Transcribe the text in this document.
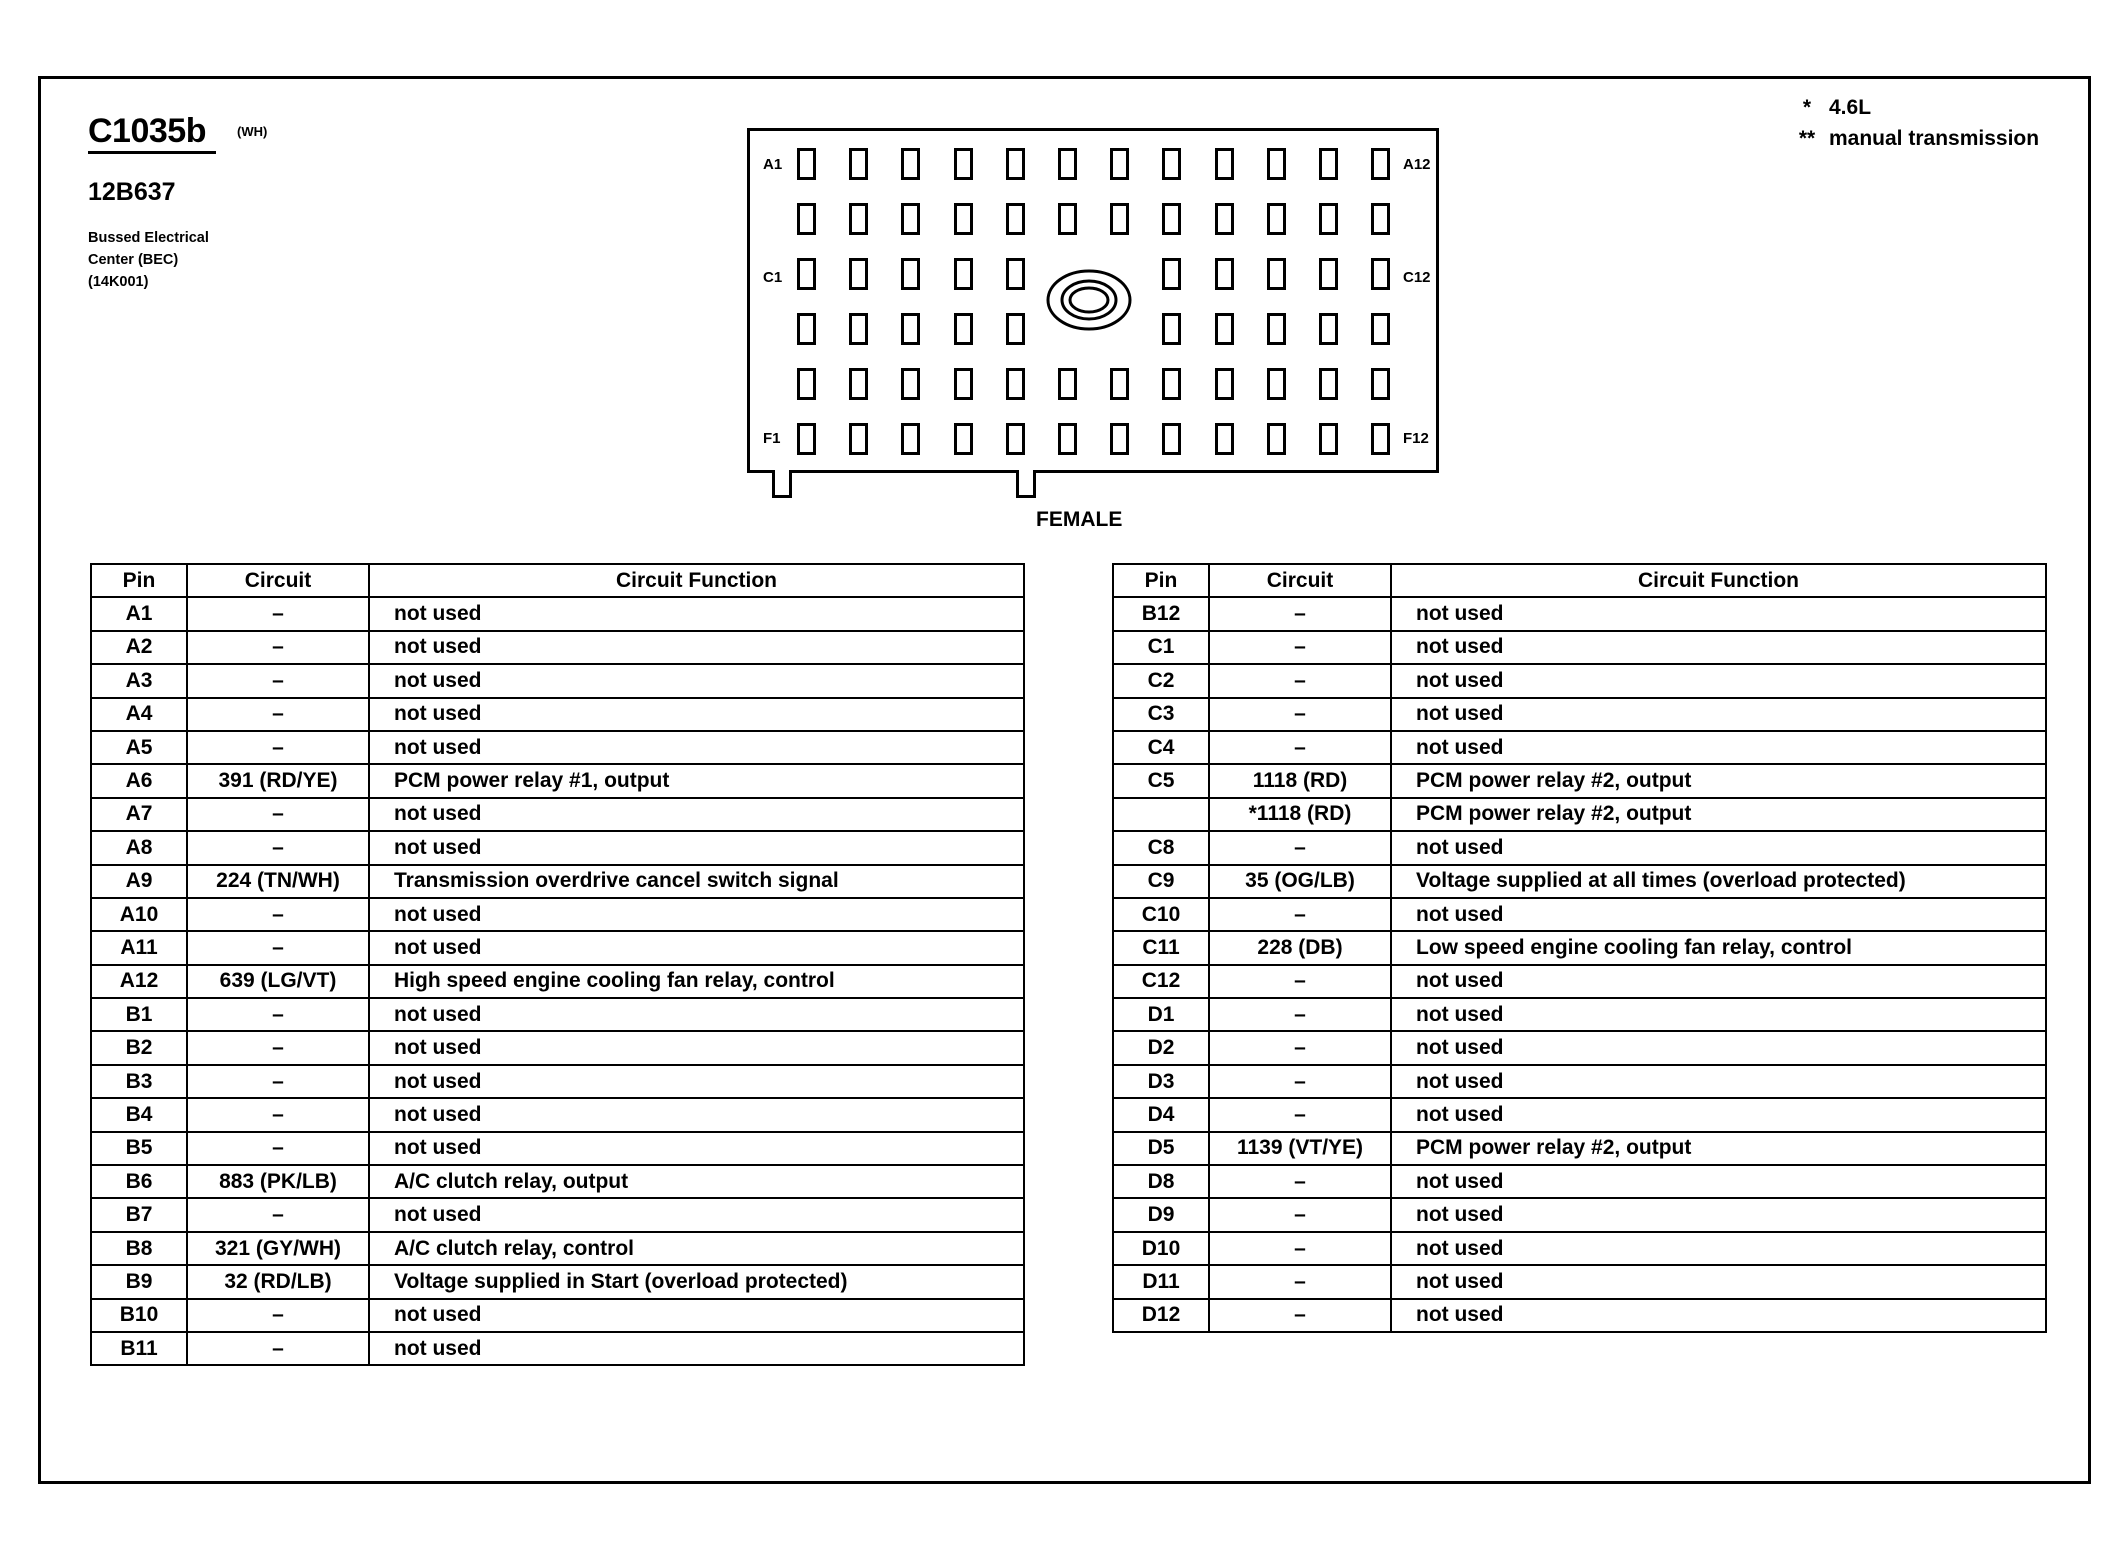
C1035b (WH)
12B637
Bussed Electrical
Center (BEC)
(14K001)
* 4.6L
** manual transmission
A1	A12
C1	C12
F1	F12
FEMALE
Pin	Circuit	Circuit Function
A1	–	not used
A2	–	not used
A3	–	not used
A4	–	not used
A5	–	not used
A6	391 (RD/YE)	PCM power relay #1, output
A7	–	not used
A8	–	not used
A9	224 (TN/WH)	Transmission overdrive cancel switch signal
A10	–	not used
A11	–	not used
A12	639 (LG/VT)	High speed engine cooling fan relay, control
B1	–	not used
B2	–	not used
B3	–	not used
B4	–	not used
B5	–	not used
B6	883 (PK/LB)	A/C clutch relay, output
B7	–	not used
B8	321 (GY/WH)	A/C clutch relay, control
B9	32 (RD/LB)	Voltage supplied in Start (overload protected)
B10	–	not used
B11	–	not used
Pin	Circuit	Circuit Function
B12	–	not used
C1	–	not used
C2	–	not used
C3	–	not used
C4	–	not used
C5	1118 (RD)	PCM power relay #2, output
	*1118 (RD)	PCM power relay #2, output
C8	–	not used
C9	35 (OG/LB)	Voltage supplied at all times (overload protected)
C10	–	not used
C11	228 (DB)	Low speed engine cooling fan relay, control
C12	–	not used
D1	–	not used
D2	–	not used
D3	–	not used
D4	–	not used
D5	1139 (VT/YE)	PCM power relay #2, output
D8	–	not used
D9	–	not used
D10	–	not used
D11	–	not used
D12	–	not used
